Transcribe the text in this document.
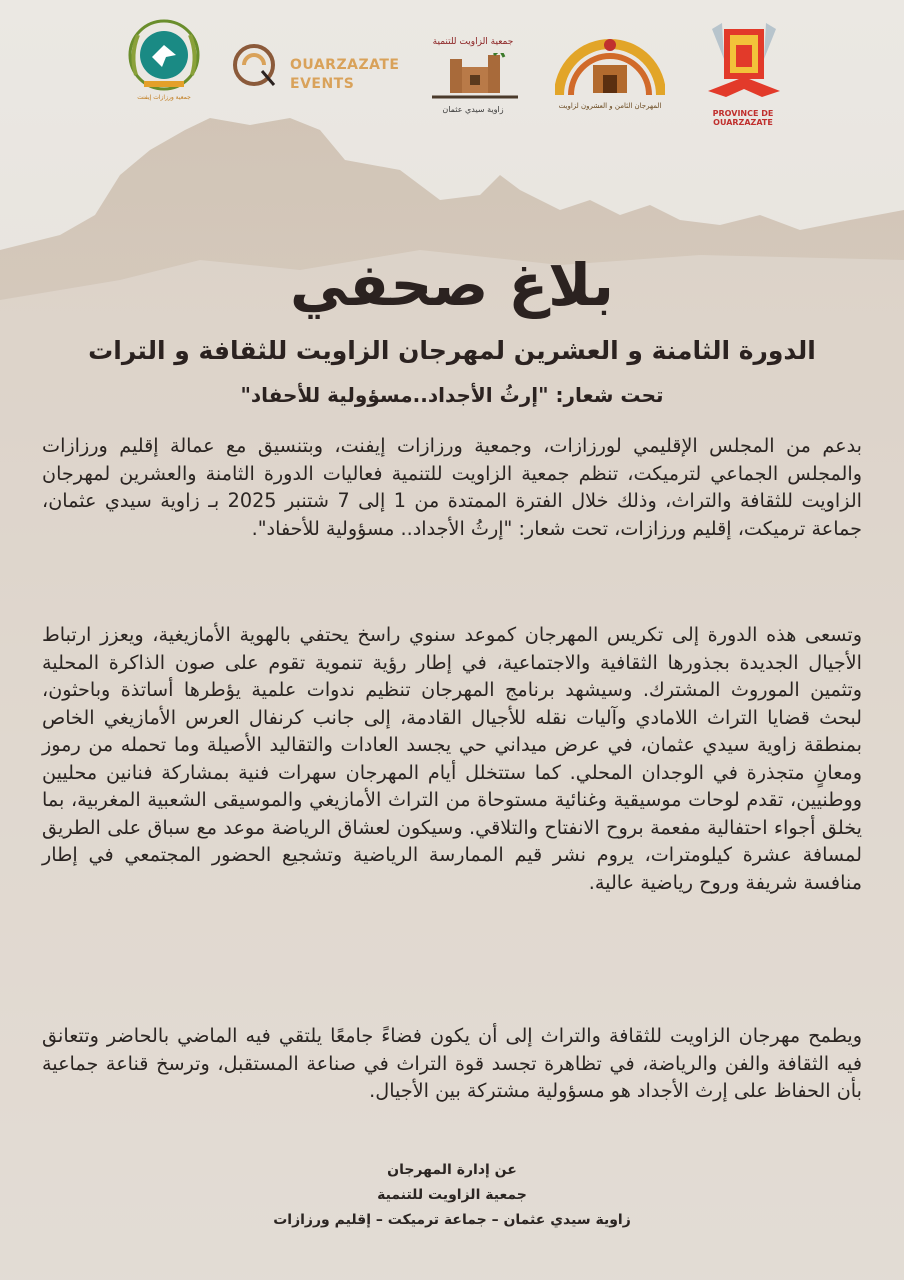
جمعية ورزازات إيفنت
OUARZAZATE
EVENTS
جمعية الزاويت للتنمية
زاوية سيدي عثمان	المهرجان الثامن و العشرون لزاويت
PROVINCE DE OUARZAZATE
بلاغ صحفي
الدورة الثامنة و العشرين لمهرجان الزاويت للثقافة و الترات
تحت شعار: "إرثُ الأجداد..مسؤولية للأحفاد"
بدعم من المجلس الإقليمي لورزازات، وجمعية ورزازات إيفنت، وبتنسيق مع عمالة إقليم ورزازات والمجلس الجماعي لترميكت، تنظم جمعية الزاويت للتنمية فعاليات الدورة الثامنة والعشرين لمهرجان الزاويت للثقافة والتراث، وذلك خلال الفترة الممتدة من 1 إلى 7 شتنبر 2025 بـ زاوية سيدي عثمان، جماعة ترميكت، إقليم ورزازات، تحت شعار: "إرثُ الأجداد.. مسؤولية للأحفاد".
وتسعى هذه الدورة إلى تكريس المهرجان كموعد سنوي راسخ يحتفي بالهوية الأمازيغية، ويعزز ارتباط الأجيال الجديدة بجذورها الثقافية والاجتماعية، في إطار رؤية تنموية تقوم على صون الذاكرة المحلية وتثمين الموروث المشترك. وسيشهد برنامج المهرجان تنظيم ندوات علمية يؤطرها أساتذة وباحثون، لبحث قضايا التراث اللامادي وآليات نقله للأجيال القادمة، إلى جانب كرنفال العرس الأمازيغي الخاص بمنطقة زاوية سيدي عثمان، في عرض ميداني حي يجسد العادات والتقاليد الأصيلة وما تحمله من رموز ومعانٍ متجذرة في الوجدان المحلي. كما ستتخلل أيام المهرجان سهرات فنية بمشاركة فنانين محليين ووطنيين، تقدم لوحات موسيقية وغنائية مستوحاة من التراث الأمازيغي والموسيقى الشعبية المغربية، بما يخلق أجواء احتفالية مفعمة بروح الانفتاح والتلاقي. وسيكون لعشاق الرياضة موعد مع سباق على الطريق لمسافة عشرة كيلومترات، يروم نشر قيم الممارسة الرياضية وتشجيع الحضور المجتمعي في إطار منافسة شريفة وروح رياضية عالية.
ويطمح مهرجان الزاويت للثقافة والتراث إلى أن يكون فضاءً جامعًا يلتقي فيه الماضي بالحاضر وتتعانق فيه الثقافة والفن والرياضة، في تظاهرة تجسد قوة التراث في صناعة المستقبل، وترسخ قناعة جماعية بأن الحفاظ على إرث الأجداد هو مسؤولية مشتركة بين الأجيال.
عن إدارة المهرجان
جمعية الزاويت للتنمية
زاوية سيدي عثمان – جماعة ترميكت – إقليم ورزازات
